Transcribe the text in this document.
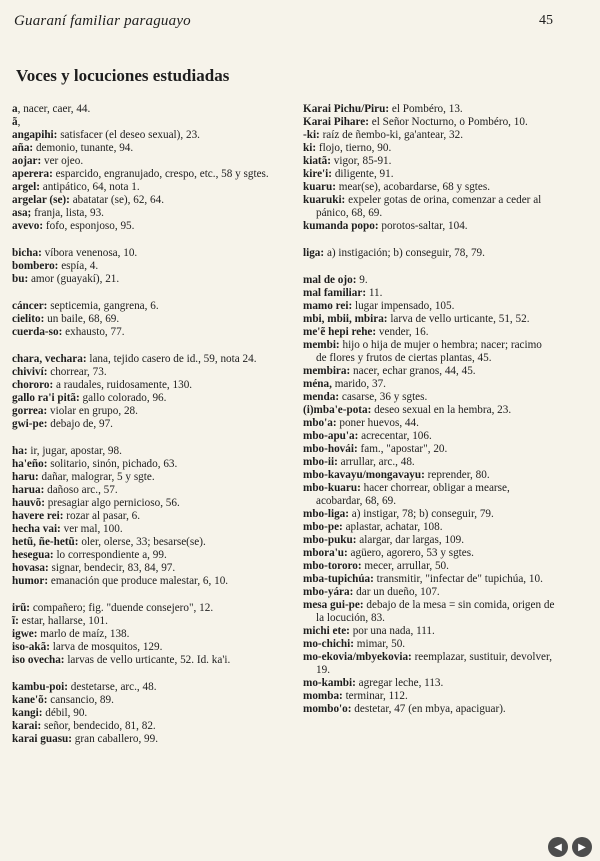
Guaraní familiar paraguayo	45
Voces y locuciones estudiadas
a, nacer, caer, 44.
ã,
angapihi: satisfacer (el deseo sexual), 23.
aña: demonio, tunante, 94.
aojar: ver ojeo.
aperera: esparcido, engranujado, crespo, etc., 58 y sgtes.
argel: antipático, 64, nota 1.
argelar (se): abatatar (se), 62, 64.
asa; franja, lista, 93.
avevo: fofo, esponjoso, 95.
bicha: víbora venenosa, 10.
bombero: espía, 4.
bu: amor (guayakí), 21.
cáncer: septicemia, gangrena, 6.
cielito: un baile, 68, 69.
cuerda-so: exhausto, 77.
chara, vechara: lana, tejido casero de id., 59, nota 24.
chiviví: chorrear, 73.
chororo: a raudales, ruidosamente, 130.
gallo ra'i pitã: gallo colorado, 96.
gorrea: violar en grupo, 28.
gwi-pe: debajo de, 97.
ha: ir, jugar, apostar, 98.
ha'eño: solitario, sinón, pichado, 63.
haru: dañar, malograr, 5 y sgte.
harua: dañoso arc., 57.
hauvõ: presagiar algo pernicioso, 56.
havere rei: rozar al pasar, 6.
hecha vai: ver mal, 100.
hetũ, ñe-hetũ: oler, olerse, 33; besarse(se).
hesegua: lo correspondiente a, 99.
hovasa: signar, bendecir, 83, 84, 97.
humor: emanación que produce malestar, 6, 10.
irũ: compañero; fig. "duende consejero", 12.
ĩ: estar, hallarse, 101.
igwe: marlo de maíz, 138.
iso-akã: larva de mosquitos, 129.
iso ovecha: larvas de vello urticante, 52. Id. ka'i.
kambu-poi: destetarse, arc., 48.
kane'õ: cansancio, 89.
kangi: débil, 90.
karai: señor, bendecido, 81, 82.
karai guasu: gran caballero, 99.
Karai Pichu/Piru: el Pombéro, 13.
Karai Pihare: el Señor Nocturno, o Pombéro, 10.
-ki: raíz de ñembo-ki, ga'antear, 32.
ki: flojo, tierno, 90.
kiatã: vigor, 85-91.
kire'i: diligente, 91.
kuaru: mear(se), acobardarse, 68 y sgtes.
kuaruki: expeler gotas de orina, comenzar a ceder al pánico, 68, 69.
kumanda popo: porotos-saltar, 104.
liga: a) instigación; b) conseguir, 78, 79.
mal de ojo: 9.
mal familiar: 11.
mamo rei: lugar impensado, 105.
mbi, mbii, mbira: larva de vello urticante, 51, 52.
me'ẽ hepi rehe: vender, 16.
membi: hijo o hija de mujer o hembra; nacer; racimo de flores y frutos de ciertas plantas, 45.
membira: nacer, echar granos, 44, 45.
ména, marido, 37.
menda: casarse, 36 y sgtes.
(i)mba'e-pota: deseo sexual en la hembra, 23.
mbo'a: poner huevos, 44.
mbo-apu'a: acrecentar, 106.
mbo-hovái: fam., "apostar", 20.
mbo-ii: arrullar, arc., 48.
mbo-kavayu/mongavayu: reprender, 80.
mbo-kuaru: hacer chorrear, obligar a mearse, acobardar, 68, 69.
mbo-liga: a) instigar, 78; b) conseguir, 79.
mbo-pe: aplastar, achatar, 108.
mbo-puku: alargar, dar largas, 109.
mbora'u: agüero, agorero, 53 y sgtes.
mbo-tororo: mecer, arrullar, 50.
mba-tupichúa: transmitir, "infectar de" tupichúa, 10.
mbo-yára: dar un dueño, 107.
mesa gui-pe: debajo de la mesa = sin comida, origen de la locución, 83.
michi ete: por una nada, 111.
mo-chichi: mimar, 50.
mo-ekovia/mbyekovia: reemplazar, sustituir, devolver, 19.
mo-kambi: agregar leche, 113.
momba: terminar, 112.
mombo'o: destetar, 47 (en mbya, apaciguar).
◀ ▶
